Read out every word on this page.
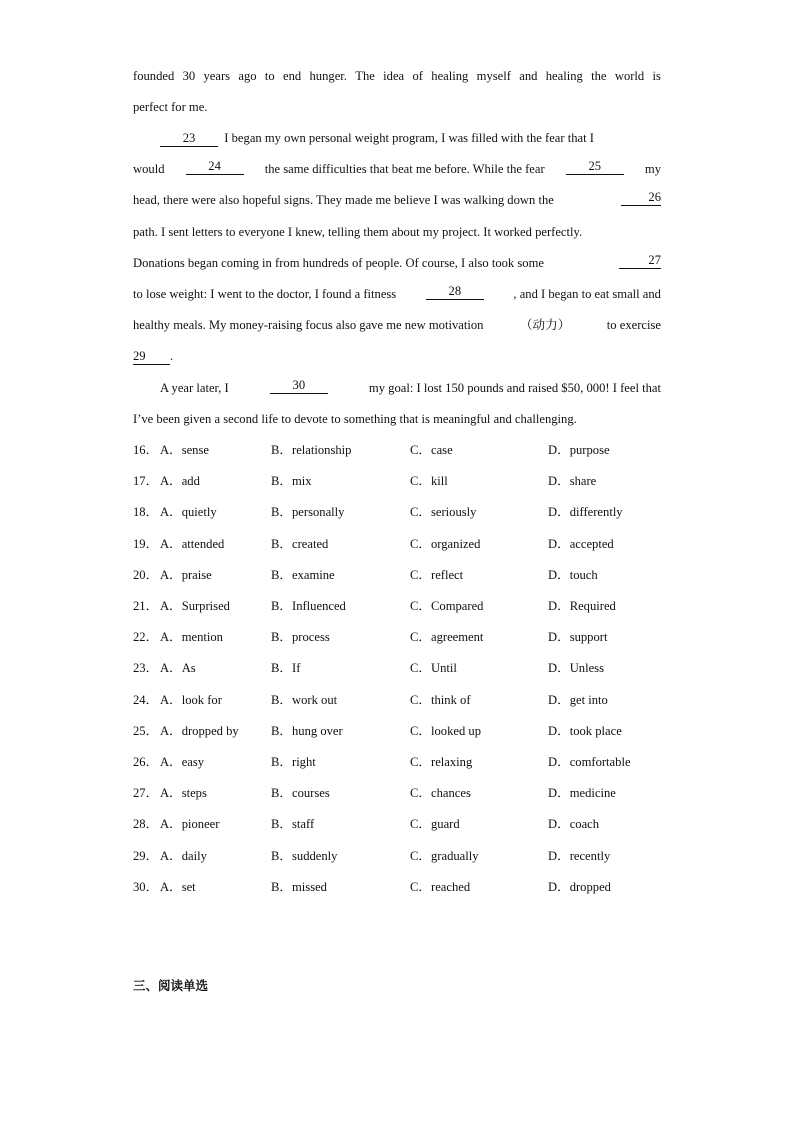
founded 30 years ago to end hunger. The idea of healing myself and healing the world is
perfect for me.
23 I began my own personal weight program, I was filled with the fear that I
would	24	the same difficulties that beat me before. While the fear	25	my
head, there were also hopeful signs. They made me believe I was walking down the	26
path. I sent letters to everyone I knew, telling them about my project. It worked perfectly.
Donations began coming in from hundreds of people. Of course, I also took some	27
to lose weight: I went to the doctor, I found a fitness	28	, and I began to eat small and
healthy meals. My money-raising focus also gave me new motivation	（动力）	to exercise
29 .
A year later, I	30	my goal: I lost 150 pounds and raised $50, 000! I feel that
I’ve been given a second life to devote to something that is meaningful and challenging.
16． A．sense	B．relationship	C．case	D．purpose
17． A．add	B．mix	C．kill	D．share
18． A．quietly	B．personally	C．seriously	D．differently
19． A．attended	B．created	C．organized	D．accepted
20． A．praise	B．examine	C．reflect	D．touch
21． A．Surprised	B．Influenced	C．Compared	D．Required
22． A．mention	B．process	C．agreement	D．support
23． A．As	B．If	C．Until	D．Unless
24． A．look for	B．work out	C．think of	D．get into
25． A．dropped by	B．hung over	C．looked up	D．took place
26． A．easy	B．right	C．relaxing	D．comfortable
27． A．steps	B．courses	C．chances	D．medicine
28． A．pioneer	B．staff	C．guard	D．coach
29． A．daily	B．suddenly	C．gradually	D．recently
30． A．set	B．missed	C．reached	D．dropped
三、阅读单选
